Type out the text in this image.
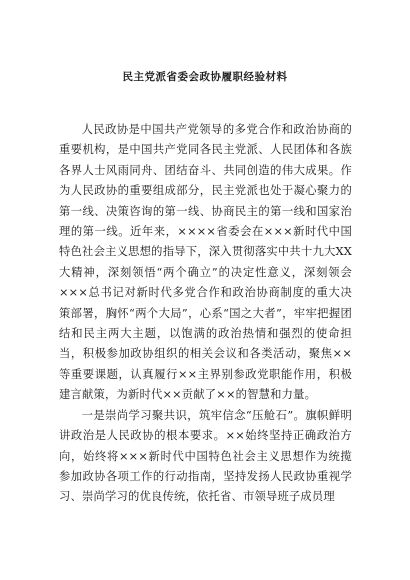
民主党派省委会政协履职经验材料

人民政协是中国共产党领导的多党合作和政治协商的重要机构，是中国共产党同各民主党派、人民团体和各族各界人士风雨同舟、团结奋斗、共同创造的伟大成果。作为人民政协的重要组成部分，民主党派也处于凝心聚力的第一线、决策咨询的第一线、协商民主的第一线和国家治理的第一线。近年来，××××省委会在×××新时代中国特色社会主义思想的指导下，深入贯彻落实中共十九大XX大精神，深刻领悟“两个确立”的决定性意义，深刻领会×××总书记对新时代多党合作和政治协商制度的重大决策部署，胸怀“两个大局”，心系“国之大者”，牢牢把握团结和民主两大主题，以饱满的政治热情和强烈的使命担当，积极参加政协组织的相关会议和各类活动，聚焦××等重要课题，认真履行××主界别参政党职能作用，积极建言献策，为新时代××贡献了××的智慧和力量。

一是崇尚学习聚共识，筑牢信念“压舱石”。旗帜鲜明讲政治是人民政协的根本要求。××始终坚持正确政治方向，始终将×××新时代中国特色社会主义思想作为统揽参加政协各项工作的行动指南，坚持发扬人民政协重视学习、崇尚学习的优良传统，依托省、市领导班子成员理
